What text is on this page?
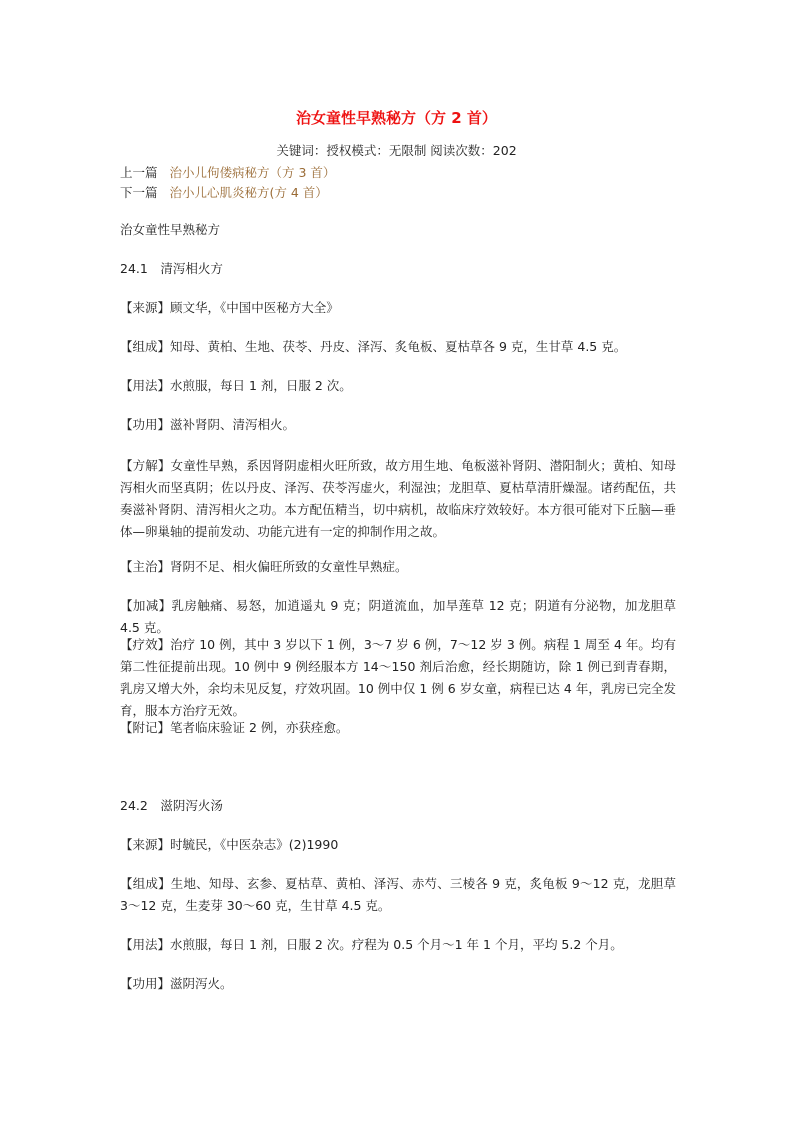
治女童性早熟秘方（方 2 首）
关键词：授权模式：无限制 阅读次数：202
上一篇 治小儿佝偻病秘方（方 3 首）
下一篇 治小儿心肌炎秘方(方 4 首）
治女童性早熟秘方
24.1　清泻相火方
【来源】顾文华，《中国中医秘方大全》
【组成】知母、黄柏、生地、茯苓、丹皮、泽泻、炙龟板、夏枯草各 9 克，生甘草 4.5 克。
【用法】水煎服，每日 1 剂，日服 2 次。
【功用】滋补肾阴、清泻相火。
【方解】女童性早熟，系因肾阴虚相火旺所致，故方用生地、龟板滋补肾阴、潜阳制火；黄柏、知母泻相火而坚真阴；佐以丹皮、泽泻、茯苓泻虚火，利湿浊；龙胆草、夏枯草清肝燥湿。诸药配伍，共奏滋补肾阴、清泻相火之功。本方配伍精当，切中病机，故临床疗效较好。本方很可能对下丘脑—垂体—卵巢轴的提前发动、功能亢进有一定的抑制作用之故。
【主治】肾阴不足、相火偏旺所致的女童性早熟症。
【加减】乳房触痛、易怒，加逍遥丸 9 克；阴道流血，加旱莲草 12 克；阴道有分泌物，加龙胆草 4.5 克。
【疗效】治疗 10 例，其中 3 岁以下 1 例，3～7 岁 6 例，7～12 岁 3 例。病程 1 周至 4 年。均有第二性征提前出现。10 例中 9 例经服本方 14～150 剂后治愈，经长期随访，除 1 例已到青春期，乳房又增大外，余均未见反复，疗效巩固。10 例中仅 1 例 6 岁女童，病程已达 4 年，乳房已完全发育，服本方治疗无效。
【附记】笔者临床验证 2 例，亦获痊愈。
24.2　滋阴泻火汤
【来源】时毓民，《中医杂志》(2)1990
【组成】生地、知母、玄参、夏枯草、黄柏、泽泻、赤芍、三棱各 9 克，炙龟板 9～12 克，龙胆草 3～12 克，生麦芽 30～60 克，生甘草 4.5 克。
【用法】水煎服，每日 1 剂，日服 2 次。疗程为 0.5 个月～1 年 1 个月，平均 5.2 个月。
【功用】滋阴泻火。
